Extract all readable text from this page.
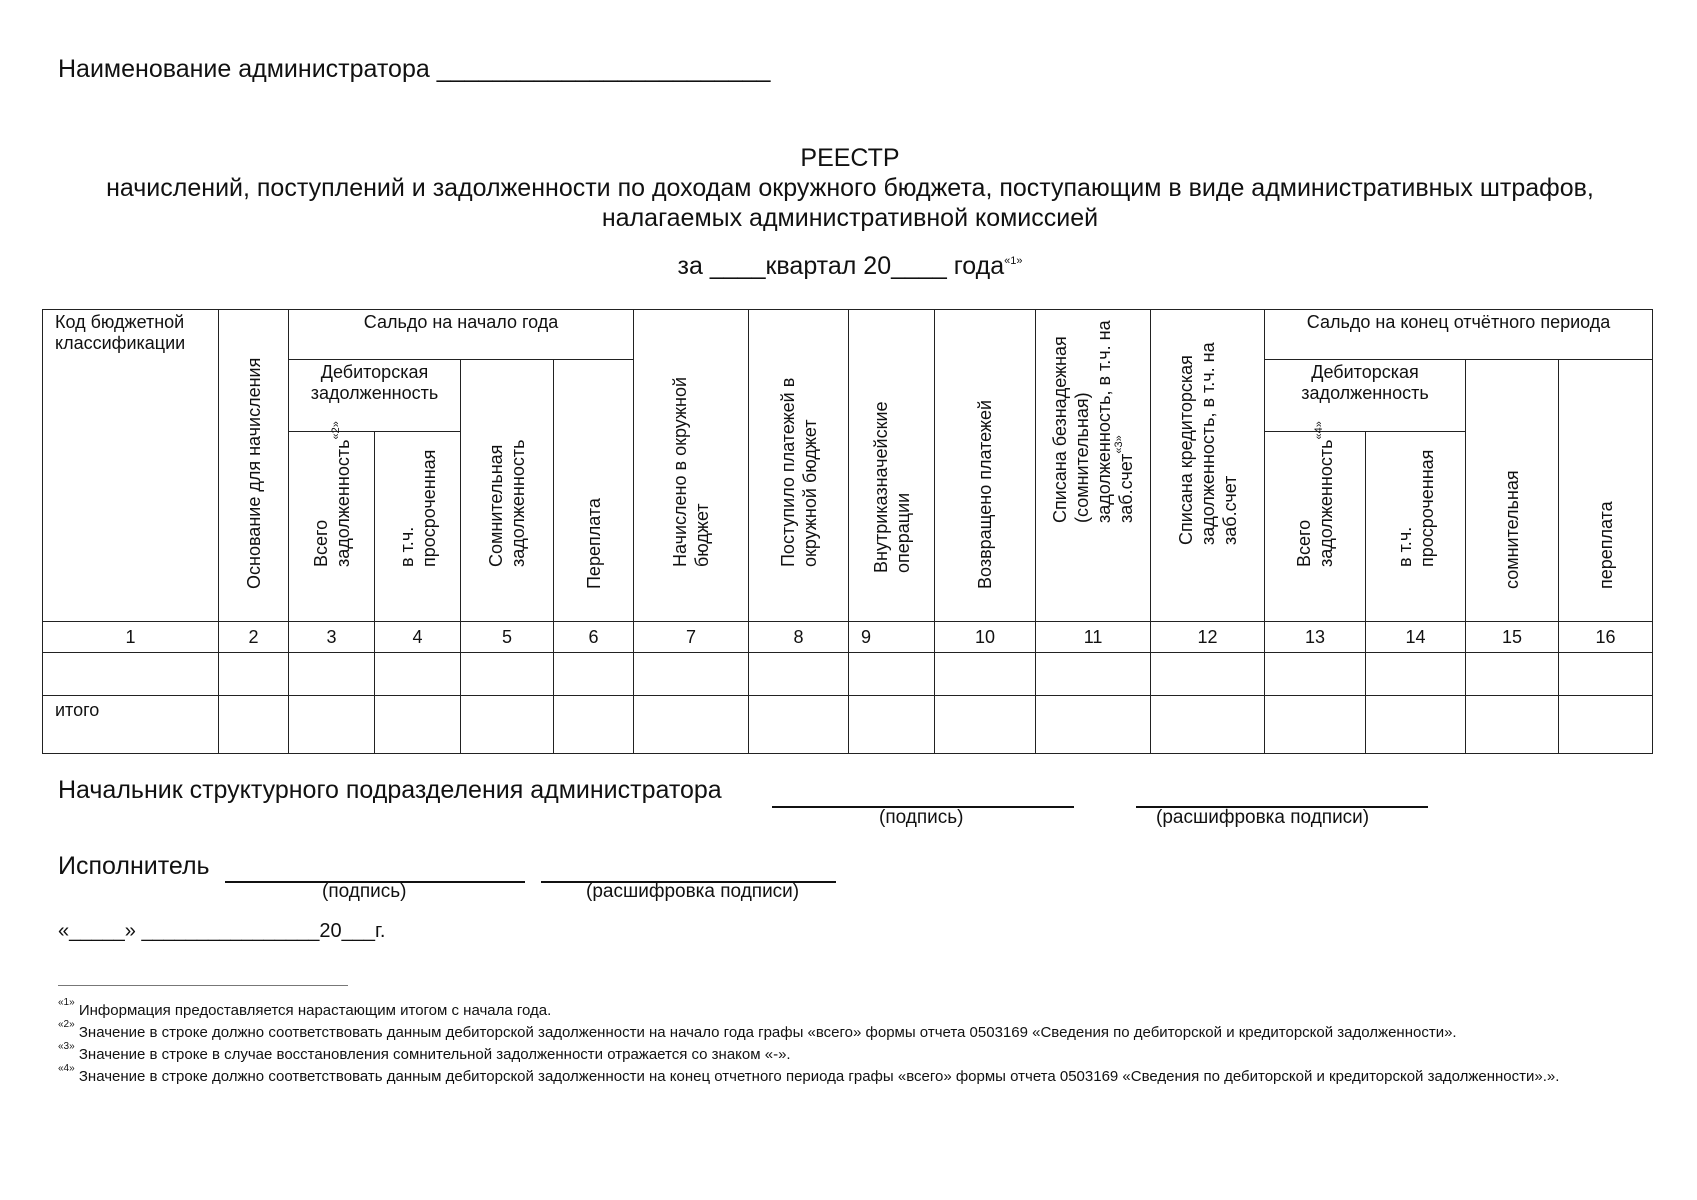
Наименование администратора ________________________
РЕЕСТР
начислений, поступлений и задолженности по доходам окружного бюджета, поступающим в виде административных штрафов,
налагаемых административной комиссией
за ____квартал 20____ года$^{«1»}$
Код бюджетной классификации	Основание для начисления	Сальдо на начало года				Начислено в окружной бюджет	Поступило платежей в окружной бюджет	Внутриказначейские операции	Возвращено платежей	Списана безнадежная (сомнительная) задолженность, в т.ч. на заб.счет$^{«3»}$	Списана кредиторская задолженность, в т.ч. на заб.счет	Сальдо на конец отчётного периода			
		Дебиторская задолженность		Сомнительная задолженность	Переплата							Дебиторская задолженность		сомнительная	переплата

		Всего задолженность$^{«2»}$	в т.ч. просроченная									Всего задолженность$^{«4»}$	в т.ч. просроченная		

1	2	3	4	5	6	7	8	9	10	11	12	13	14	15	16

итого															
Начальник структурного подразделения администратора
(подпись)	(расшифровка подписи)
Исполнитель
(подпись)	(расшифровка подписи)
«_____» ________________20___г.

$^{«1»}$ Информация предоставляется нарастающим итогом с начала года.

$^{«2»}$ Значение в строке должно соответствовать данным дебиторской задолженности на начало года графы «всего» формы отчета 0503169 «Сведения по дебиторской и кредиторской задолженности».

$^{«3»}$ Значение в строке в случае восстановления сомнительной задолженности отражается со знаком «-».

$^{«4»}$ Значение в строке должно соответствовать данным дебиторской задолженности на конец отчетного периода графы «всего» формы отчета 0503169 «Сведения по дебиторской и кредиторской задолженности».».
